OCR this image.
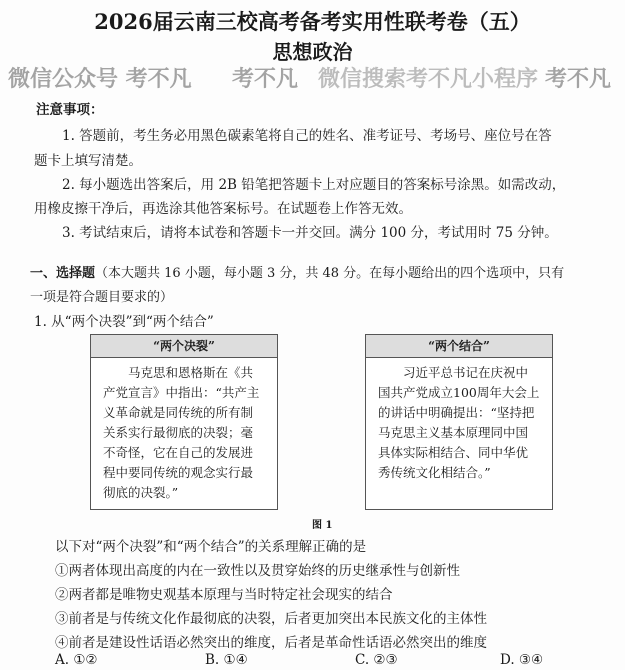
2026届云南三校高考备考实用性联考卷（五）
思想政治
微信公众号 考不凡 考不凡 微信搜索考不凡小程序 考不凡
注意事项：
1. 答题前，考生务必用黑色碳素笔将自己的姓名、准考证号、考场号、座位号在答
题卡上填写清楚。
2. 每小题选出答案后，用 2B 铅笔把答题卡上对应题目的答案标号涂黑。如需改动，
用橡皮擦干净后，再选涂其他答案标号。在试题卷上作答无效。
3. 考试结束后，请将本试卷和答题卡一并交回。满分 100 分，考试用时 75 分钟。
一、选择题（本大题共 16 小题，每小题 3 分，共 48 分。在每小题给出的四个选项中，只有
一项是符合题目要求的）
1. 从“两个决裂”到“两个结合”
“两个决裂”
马克思和恩格斯在《共产党宣言》中指出：“共产主义革命就是同传统的所有制关系实行最彻底的决裂；毫不奇怪，它在自己的发展进程中要同传统的观念实行最彻底的决裂。”
“两个结合”
习近平总书记在庆祝中国共产党成立100周年大会上的讲话中明确提出：“坚持把马克思主义基本原理同中国具体实际相结合、同中华优秀传统文化相结合。”
图 1
以下对“两个决裂”和“两个结合”的关系理解正确的是
①两者体现出高度的内在一致性以及贯穿始终的历史继承性与创新性
②两者都是唯物史观基本原理与当时特定社会现实的结合
③前者是与传统文化作最彻底的决裂，后者更加突出本民族文化的主体性
④前者是建设性话语必然突出的维度，后者是革命性话语必然突出的维度
A. ①②	B. ①④	C. ②③	D. ③④
